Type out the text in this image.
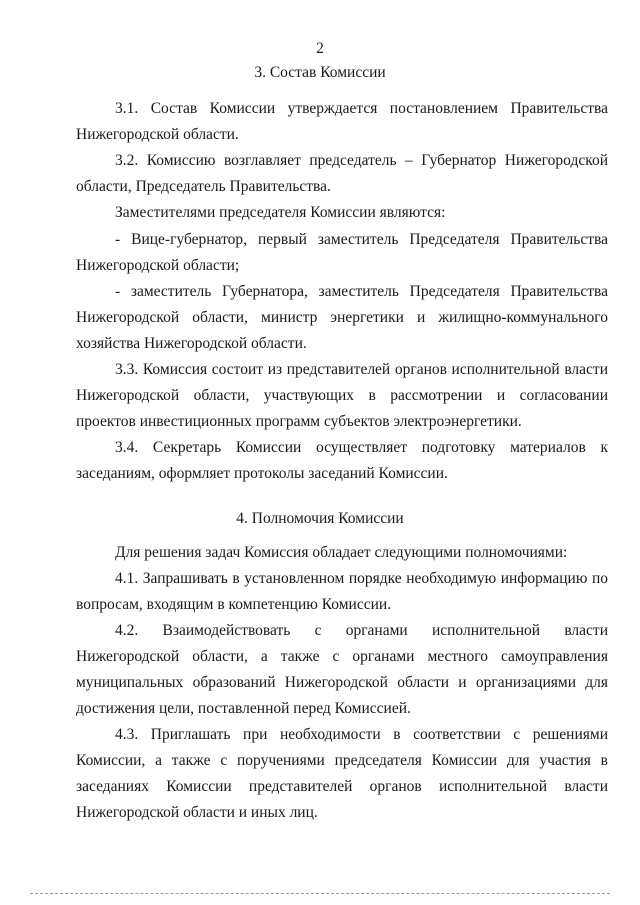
2
3. Состав Комиссии

3.1. Состав Комиссии утверждается постановлением Правительства Нижегородской области.

3.2. Комиссию возглавляет председатель – Губернатор Нижегородской области, Председатель Правительства.

Заместителями председателя Комиссии являются:

- Вице-губернатор, первый заместитель Председателя Правительства Нижегородской области;

- заместитель Губернатора, заместитель Председателя Правительства Нижегородской области, министр энергетики и жилищно-коммунального хозяйства Нижегородской области.

3.3. Комиссия состоит из представителей органов исполнительной власти Нижегородской области, участвующих в рассмотрении и согласовании проектов инвестиционных программ субъектов электроэнергетики.

3.4. Секретарь Комиссии осуществляет подготовку материалов к заседаниям, оформляет протоколы заседаний Комиссии.

4. Полномочия Комиссии

Для решения задач Комиссия обладает следующими полномочиями:

4.1. Запрашивать в установленном порядке необходимую информацию по вопросам, входящим в компетенцию Комиссии.

4.2. Взаимодействовать с органами исполнительной власти Нижегородской области, а также с органами местного самоуправления муниципальных образований Нижегородской области и организациями для достижения цели, поставленной перед Комиссией.

4.3. Приглашать при необходимости в соответствии с решениями Комиссии, а также с поручениями председателя Комиссии для участия в заседаниях Комиссии представителей органов исполнительной власти Нижегородской области и иных лиц.
